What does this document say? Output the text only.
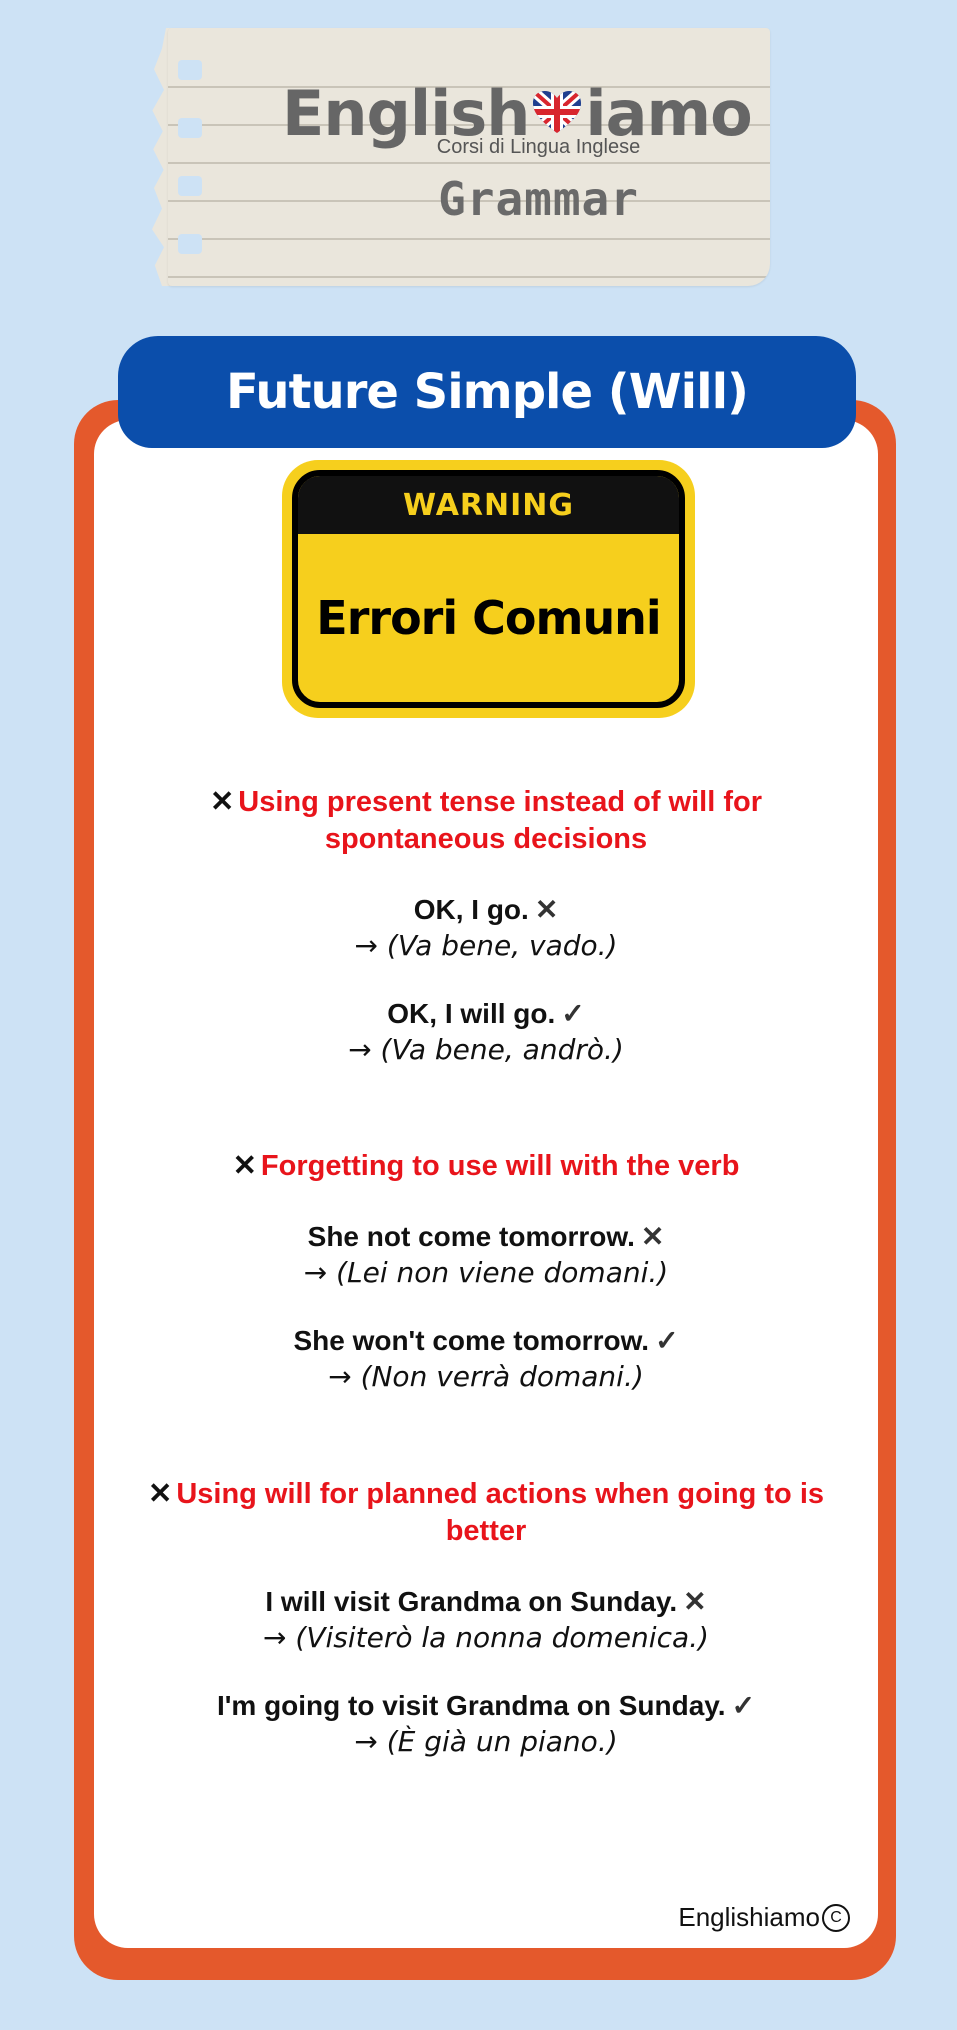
English iamo
Corsi di Lingua Inglese
Grammar
Future Simple (Will)
WARNING
Errori Comuni
✕ Using present tense instead of will for spontaneous decisions
OK, I go. ✕
→ (Va bene, vado.)
OK, I will go. ✓
→ (Va bene, andrò.)
✕ Forgetting to use will with the verb
She not come tomorrow. ✕
→ (Lei non viene domani.)
She won't come tomorrow. ✓
→ (Non verrà domani.)
✕ Using will for planned actions when going to is better
I will visit Grandma on Sunday. ✕
→ (Visiterò la nonna domenica.)
I'm going to visit Grandma on Sunday. ✓
→ (È già un piano.)
Englishiamo C
